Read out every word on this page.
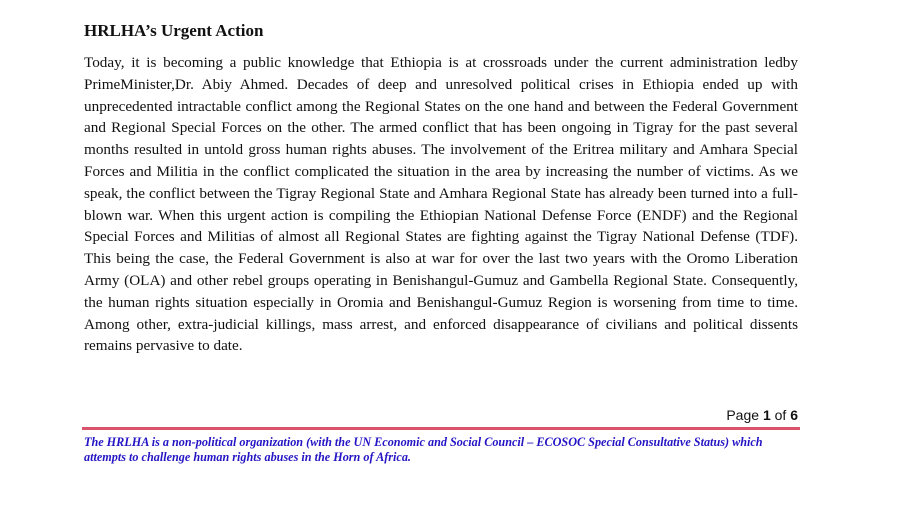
HRLHA’s Urgent Action

Today, it is becoming a public knowledge that Ethiopia is at crossroads under the current administration ledby PrimeMinister,Dr. Abiy Ahmed. Decades of deep and unresolved political crises in Ethiopia ended up with unprecedented intractable conflict among the Regional States on the one hand and between the Federal Government and Regional Special Forces on the other. The armed conflict that has been ongoing in Tigray for the past several months resulted in untold gross human rights abuses. The involvement of the Eritrea military and Amhara Special Forces and Militia in the conflict complicated the situation in the area by increasing the number of victims. As we speak, the conflict between the Tigray Regional State and Amhara Regional State has already been turned into a full-blown war. When this urgent action is compiling the Ethiopian National Defense Force (ENDF) and the Regional Special Forces and Militias of almost all Regional States are fighting against the Tigray National Defense (TDF). This being the case, the Federal Government is also at war for over the last two years with the Oromo Liberation Army (OLA) and other rebel groups operating in Benishangul-Gumuz and Gambella Regional State. Consequently, the human rights situation especially in Oromia and Benishangul-Gumuz Region is worsening from time to time. Among other, extra-judicial killings, mass arrest, and enforced disappearance of civilians and political dissents remains pervasive to date.

Page 1 of 6

The HRLHA is a non-political organization (with the UN Economic and Social Council – ECOSOC Special Consultative Status) which attempts to challenge human rights abuses in the Horn of Africa.
